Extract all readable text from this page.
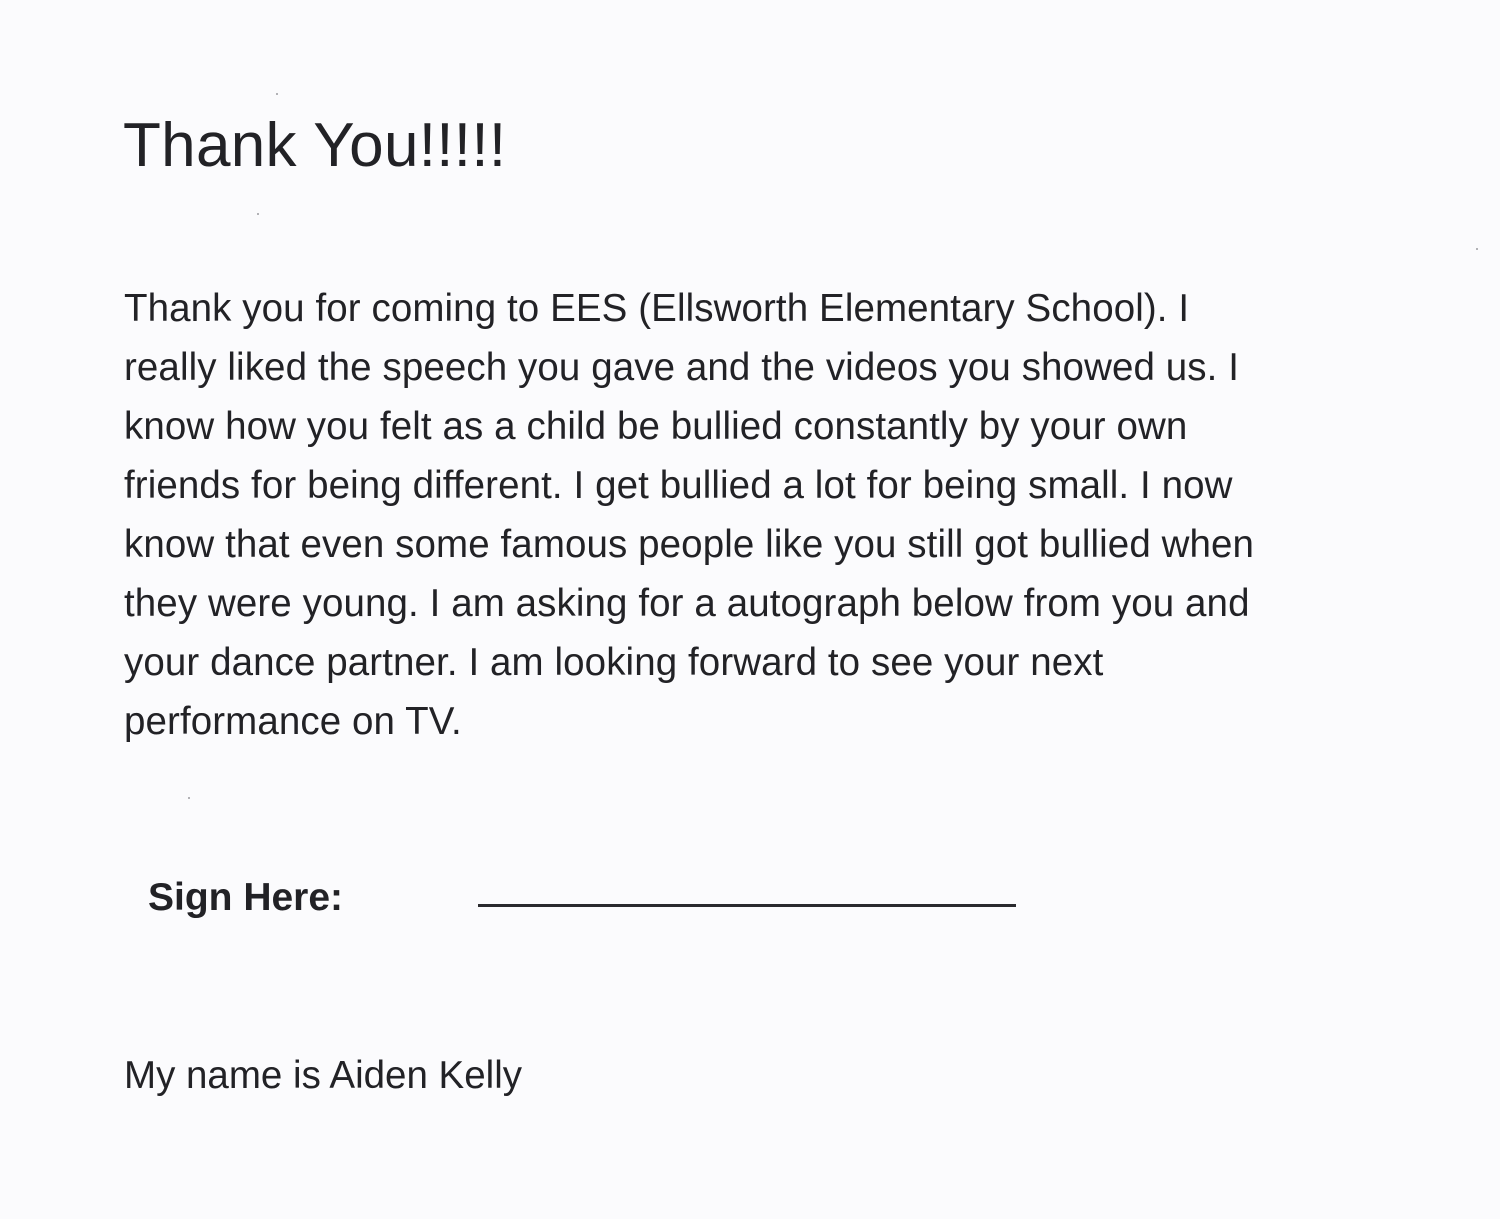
Thank You!!!!!
Thank you for coming to EES (Ellsworth Elementary School). I
really liked the speech you gave and the videos you showed us. I
know how you felt as a child be bullied constantly by your own
friends for being different. I get bullied a lot for being small. I now
know that even some famous people like you still got bullied when
they were young. I am asking for a autograph below from you and
your dance partner. I am looking forward to see your next
performance on TV.

Sign Here:

My name is Aiden Kelly
